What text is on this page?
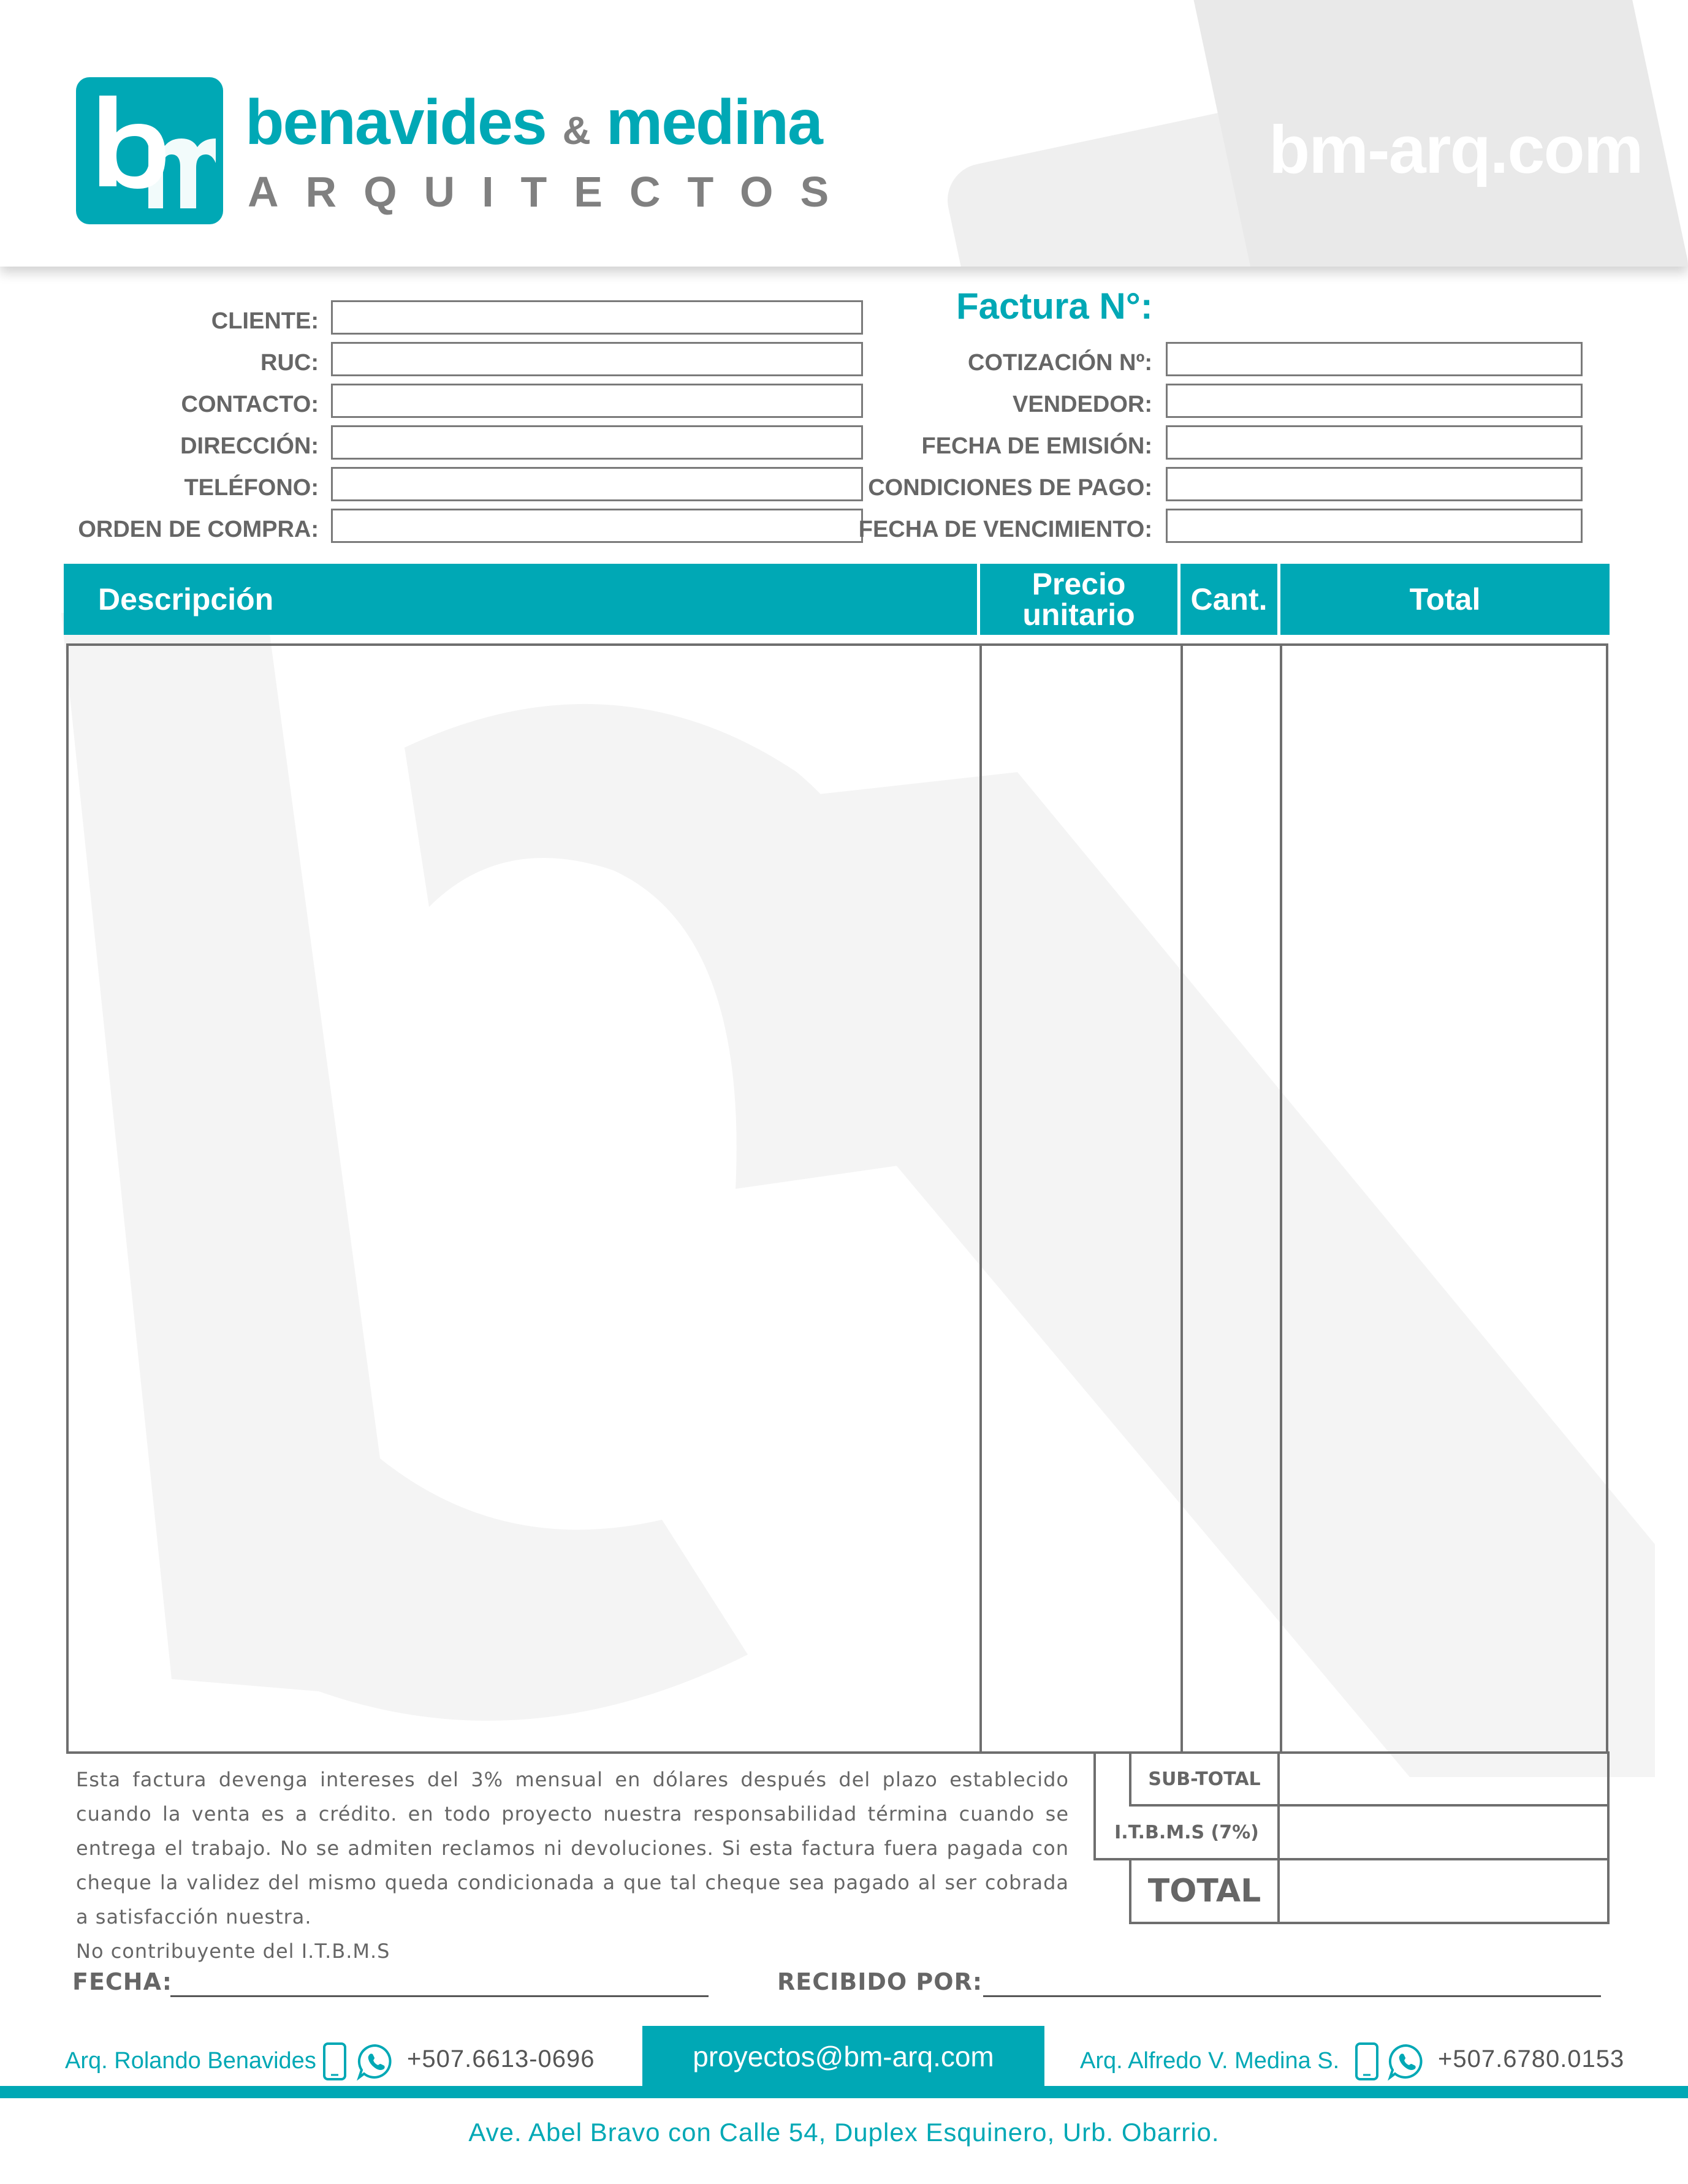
benavides & medina
ARQUITECTOS
bm-arq.com
CLIENTE:
RUC:
CONTACTO:
DIRECCIÓN:
TELÉFONO:
ORDEN DE COMPRA:
Factura N°:
COTIZACIÓN Nº:
VENDEDOR:
FECHA DE EMISIÓN:
CONDICIONES DE PAGO:
FECHA DE VENCIMIENTO:
Descripción	Precio unitario	Cant.	Total
SUB-TOTAL
I.T.B.M.S (7%)
TOTAL

Esta factura devenga intereses del 3% mensual en dólares después del plazo establecido cuando la venta es a crédito. en todo proyecto nuestra responsabilidad términa cuando se entrega el trabajo. No se admiten reclamos ni devoluciones. Si esta factura fuera pagada con cheque la validez del mismo queda condicionada a que tal cheque sea pagado al ser cobrada a satisfacción nuestra.

No contribuyente del I.T.B.M.S

FECHA:	RECIBIDO POR:
proyectos@bm-arq.com
Arq. Rolando Benavides	+507.6613-0696	Arq. Alfredo V. Medina S.	+507.6780.0153
Ave. Abel Bravo con Calle 54, Duplex Esquinero, Urb. Obarrio.
